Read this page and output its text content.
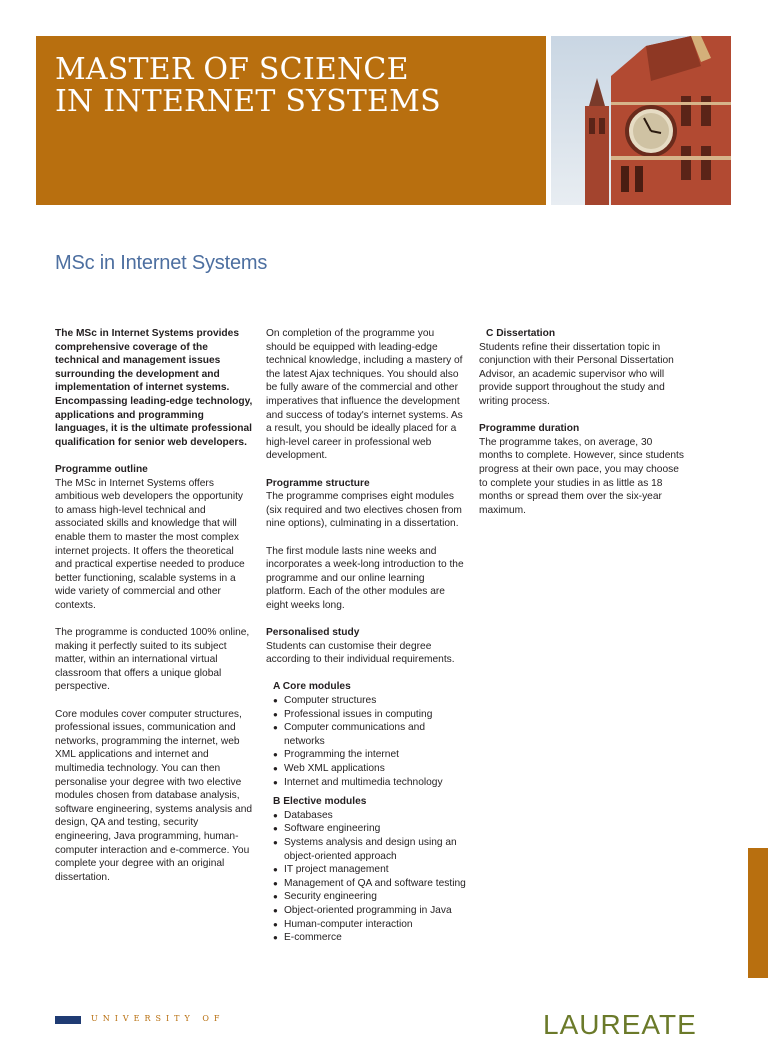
MASTER OF SCIENCE
IN INTERNET SYSTEMS
MSc in Internet Systems

The MSc in Internet Systems provides comprehensive coverage of the technical and management issues surrounding the development and implementation of internet systems. Encompassing leading-edge technology, applications and programming languages, it is the ultimate professional qualification for senior web developers.

Programme outline

The MSc in Internet Systems offers ambitious web developers the opportunity to amass high-level technical and associated skills and knowledge that will enable them to master the most complex internet projects. It offers the theoretical and practical expertise needed to produce better functioning, scalable systems in a wide variety of commercial and other contexts.

The programme is conducted 100% online, making it perfectly suited to its subject matter, within an international virtual classroom that offers a unique global perspective.

Core modules cover computer structures, professional issues, communication and networks, programming the internet, web XML applications and internet and multimedia technology. You can then personalise your degree with two elective modules chosen from database analysis, software engineering, systems analysis and design, QA and testing, security engineering, Java programming, human-computer interaction and e-commerce. You complete your degree with an original dissertation.

On completion of the programme you should be equipped with leading-edge technical knowledge, including a mastery of the latest Ajax techniques. You should also be fully aware of the commercial and other imperatives that influence the development and success of today's internet systems. As a result, you should be ideally placed for a high-level career in professional web development.

Programme structure

The programme comprises eight modules (six required and two electives chosen from nine options), culminating in a dissertation.

The first module lasts nine weeks and incorporates a week-long introduction to the programme and our online learning platform. Each of the other modules are eight weeks long.

Personalised study

Students can customise their degree according to their individual requirements.

A Core modules
● Computer structures
● Professional issues in computing
● Computer communications and networks
● Programming the internet
● Web XML applications
● Internet and multimedia technology
B Elective modules
● Databases
● Software engineering
● Systems analysis and design using an object-oriented approach
● IT project management
● Management of QA and software testing
● Security engineering
● Object-oriented programming in Java
● Human-computer interaction
● E-commerce
C Dissertation

Students refine their dissertation topic in conjunction with their Personal Dissertation Advisor, an academic supervisor who will provide support throughout the study and writing process.

Programme duration

The programme takes, on average, 30 months to complete. However, since students progress at their own pace, you may choose to complete your studies in as little as 18 months or spread them over the six-year maximum.

UNIVERSITY OF	LAUREATE
